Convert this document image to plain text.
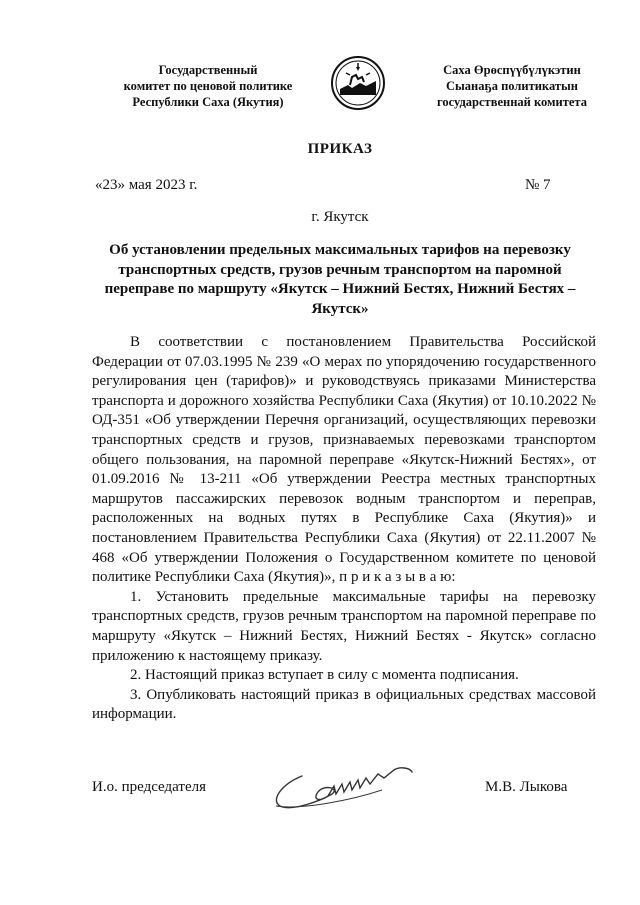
Государственный
комитет по ценовой политике
Республики Саха (Якутия)
Саха Өрөспүүбүлүкэтин
Сыанаҕа политикатын
государственнай комитета
ПРИКАЗ
«23» мая 2023 г.	№ 7
г. Якутск
Об установлении предельных максимальных тарифов на перевозку транспортных средств, грузов речным транспортом на паромной переправе по маршруту «Якутск – Нижний Бестях, Нижний Бестях – Якутск»

В соответствии с постановлением Правительства Российской Федерации от 07.03.1995 № 239 «О мерах по упорядочению государственного регулирования цен (тарифов)» и руководствуясь приказами Министерства транспорта и дорожного хозяйства Республики Саха (Якутия) от 10.10.2022 № ОД-351 «Об утверждении Перечня организаций, осуществляющих перевозки транспортных средств и грузов, признаваемых перевозками транспортом общего пользования, на паромной переправе «Якутск-Нижний Бестях», от 01.09.2016 № 13-211 «Об утверждении Реестра местных транспортных маршрутов пассажирских перевозок водным транспортом и переправ, расположенных на водных путях в Республике Саха (Якутия)» и постановлением Правительства Республики Саха (Якутия) от 22.11.2007 № 468 «Об утверждении Положения о Государственном комитете по ценовой политике Республики Саха (Якутия)», п р и к а з ы в а ю:

1. Установить предельные максимальные тарифы на перевозку транспортных средств, грузов речным транспортом на паромной переправе по маршруту «Якутск – Нижний Бестях, Нижний Бестях - Якутск» согласно приложению к настоящему приказу.

2. Настоящий приказ вступает в силу с момента подписания.

3. Опубликовать настоящий приказ в официальных средствах массовой информации.

И.о. председателя	М.В. Лыкова
